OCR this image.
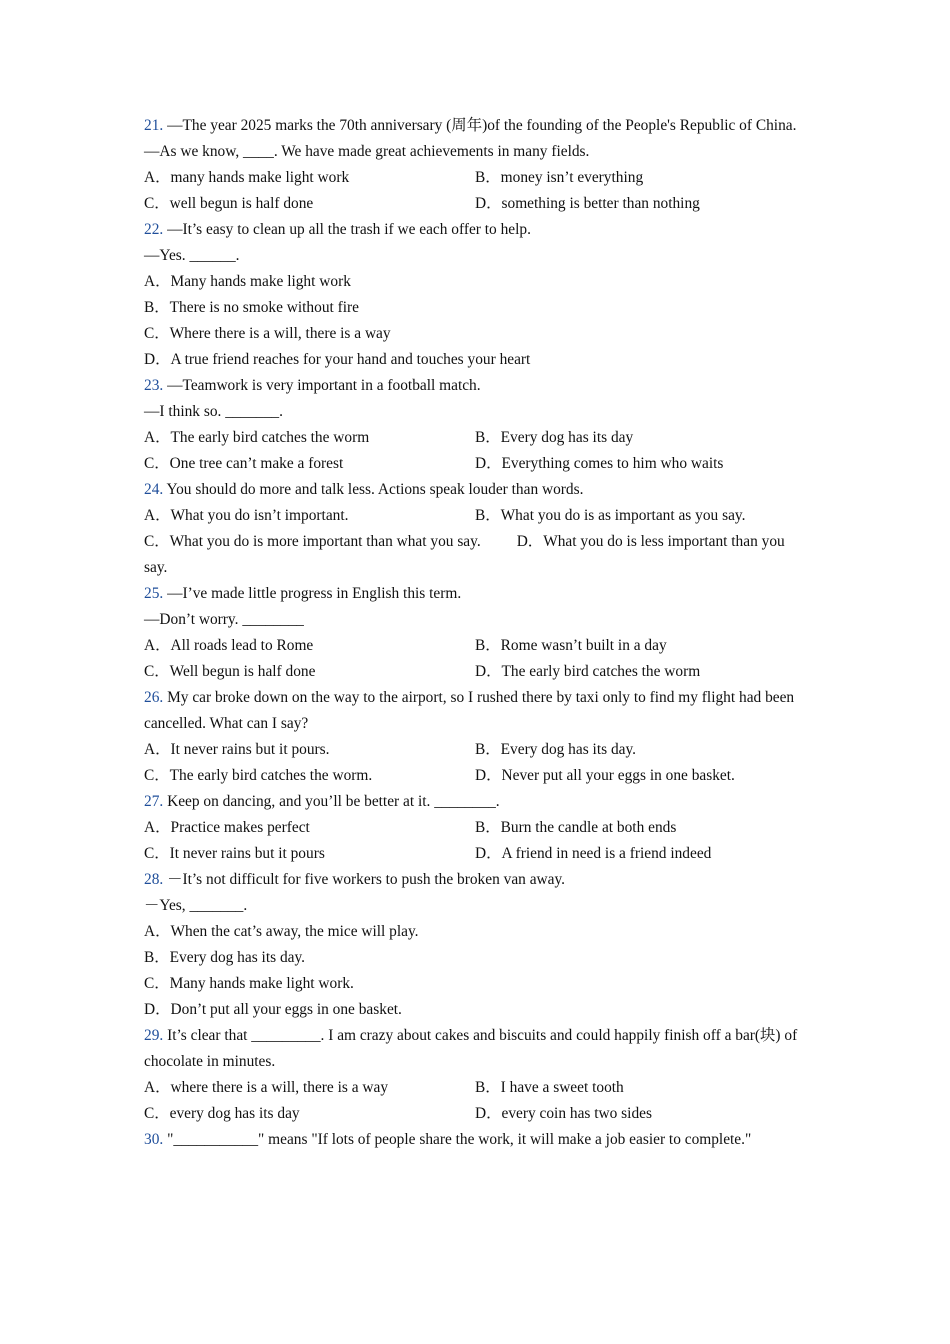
21. —The year 2025 marks the 70th anniversary (周年)of the founding of the People's Republic of China.
—As we know, ____. We have made great achievements in many fields.
A．many hands make light work	B．money isn’t everything
C．well begun is half done	D．something is better than nothing
22. —It’s easy to clean up all the trash if we each offer to help.
—Yes. ______.
A．Many hands make light work
B．There is no smoke without fire
C．Where there is a will, there is a way
D．A true friend reaches for your hand and touches your heart
23. —Teamwork is very important in a football match.
—I think so. _______.
A．The early bird catches the worm	B．Every dog has its day
C．One tree can’t make a forest	D．Everything comes to him who waits
24. You should do more and talk less. Actions speak louder than words.
A．What you do isn’t important.	B．What you do is as important as you say.
C．What you do is more important than what you say. D．What you do is less important than you say.
25. —I’ve made little progress in English this term.
—Don’t worry. ________
A．All roads lead to Rome	B．Rome wasn’t built in a day
C．Well begun is half done	D．The early bird catches the worm
26. My car broke down on the way to the airport, so I rushed there by taxi only to find my flight had been cancelled. What can I say?
A．It never rains but it pours.	B．Every dog has its day.
C．The early bird catches the worm.	D．Never put all your eggs in one basket.
27. Keep on dancing, and you’ll be better at it. ________.
A．Practice makes perfect	B．Burn the candle at both ends
C．It never rains but it pours	D．A friend in need is a friend indeed
28. －It’s not difficult for five workers to push the broken van away.
－Yes, _______.
A．When the cat’s away, the mice will play.
B．Every dog has its day.
C．Many hands make light work.
D．Don’t put all your eggs in one basket.
29. It’s clear that _________. I am crazy about cakes and biscuits and could happily finish off a bar(块) of chocolate in minutes.
A．where there is a will, there is a way	B．I have a sweet tooth
C．every dog has its day	D．every coin has two sides
30. "___________" means "If lots of people share the work, it will make a job easier to complete."
